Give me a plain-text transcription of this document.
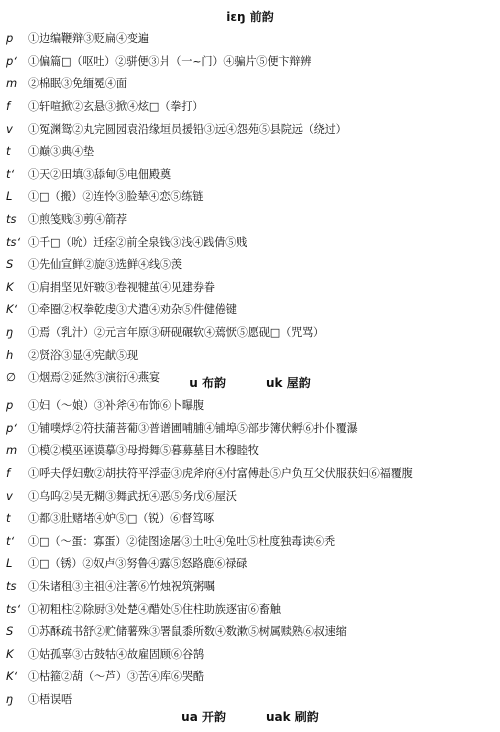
iɛŋ 前韵
p	①边编鞭辩③贬扁④变遍
pʻ ①偏篇□（呕吐）②骈便③爿（一~门）④骗片⑤便卞辩辨
m ②棉眠③免缅冕④面
f	①轩喧掀②玄悬③掀④炫□（拳打）
v	①冤渊鸳②丸完圆园袁沿缘垣员援铅③远④怨苑⑤县院远（绕过）
t	①巅③典④垫
tʻ	①天②田填③舔甸⑤电佃殿奠
L	①□（搬）②连怜③脸辇④恋⑤练链
ts	①煎笺贱③剪④箭荐
tsʻ ①千□（吮）迁痊②前全泉钱③浅④践倩⑤贱
S	①先仙宣鲜②旋③选鲜④线⑤羡
K	①肩捐坚见奸皲③卷视犍茧④见建券眷
Kʻ ①牵圈②权拳乾虔③犬遣④劝杂⑤件健倦键
ŋ	①焉（乳汁）②元言年原③研砚碾软④蔫恹⑤愿砚□（咒骂）
h	②贤浴③显④宪献⑤现
∅	①烟焉②延然③演衍④燕宴	u 布韵	uk 屋韵
p	①妇（～娘）③补斧④布饰⑥卜曝腹
pʻ ①铺噗烰②符扶蒲菩葡③普谱圃哺脯④铺埠⑤部步簿伏孵⑥扑仆覆瀑
m ①模②模巫诬谟摹③母拇舞⑤暮募墓目木穆睦牧
f	①呼夫俘妇敷②胡扶符平浮壶③虎斧府④付富傅赴⑤户负互父伏服获妇⑥福覆腹
v	①乌呜②吴无糊③舞武抚④恶⑤务戊⑥屋沃
t	①都③肚赌堵④妒⑤□（锐）⑥督笃啄
tʻ	①□（～蛋：寡蛋）②徒图途屠③土吐④兔吐⑤杜度独毒读⑥秃
L	①□（锈）②奴卢③努鲁④露⑤怒路鹿⑥禄碌
ts	①朱诸租③主祖④注著⑥竹烛祝筑粥嘱
tsʻ ①初粗柱②除厨③处楚④醋处⑤住柱助族逐宙⑥畜触
S	①苏酥疏书舒②贮储薯殊③署鼠黍所数④数漱⑤树属赎熟⑥叔速缩
K	①姑孤辜③古鼓牯④故雇固顾⑥谷鹄
Kʻ ①枯箍②葫（～芦）③苦④库⑥哭酷
ŋ	①梧误唔
ua 开韵	uak 刷韵
